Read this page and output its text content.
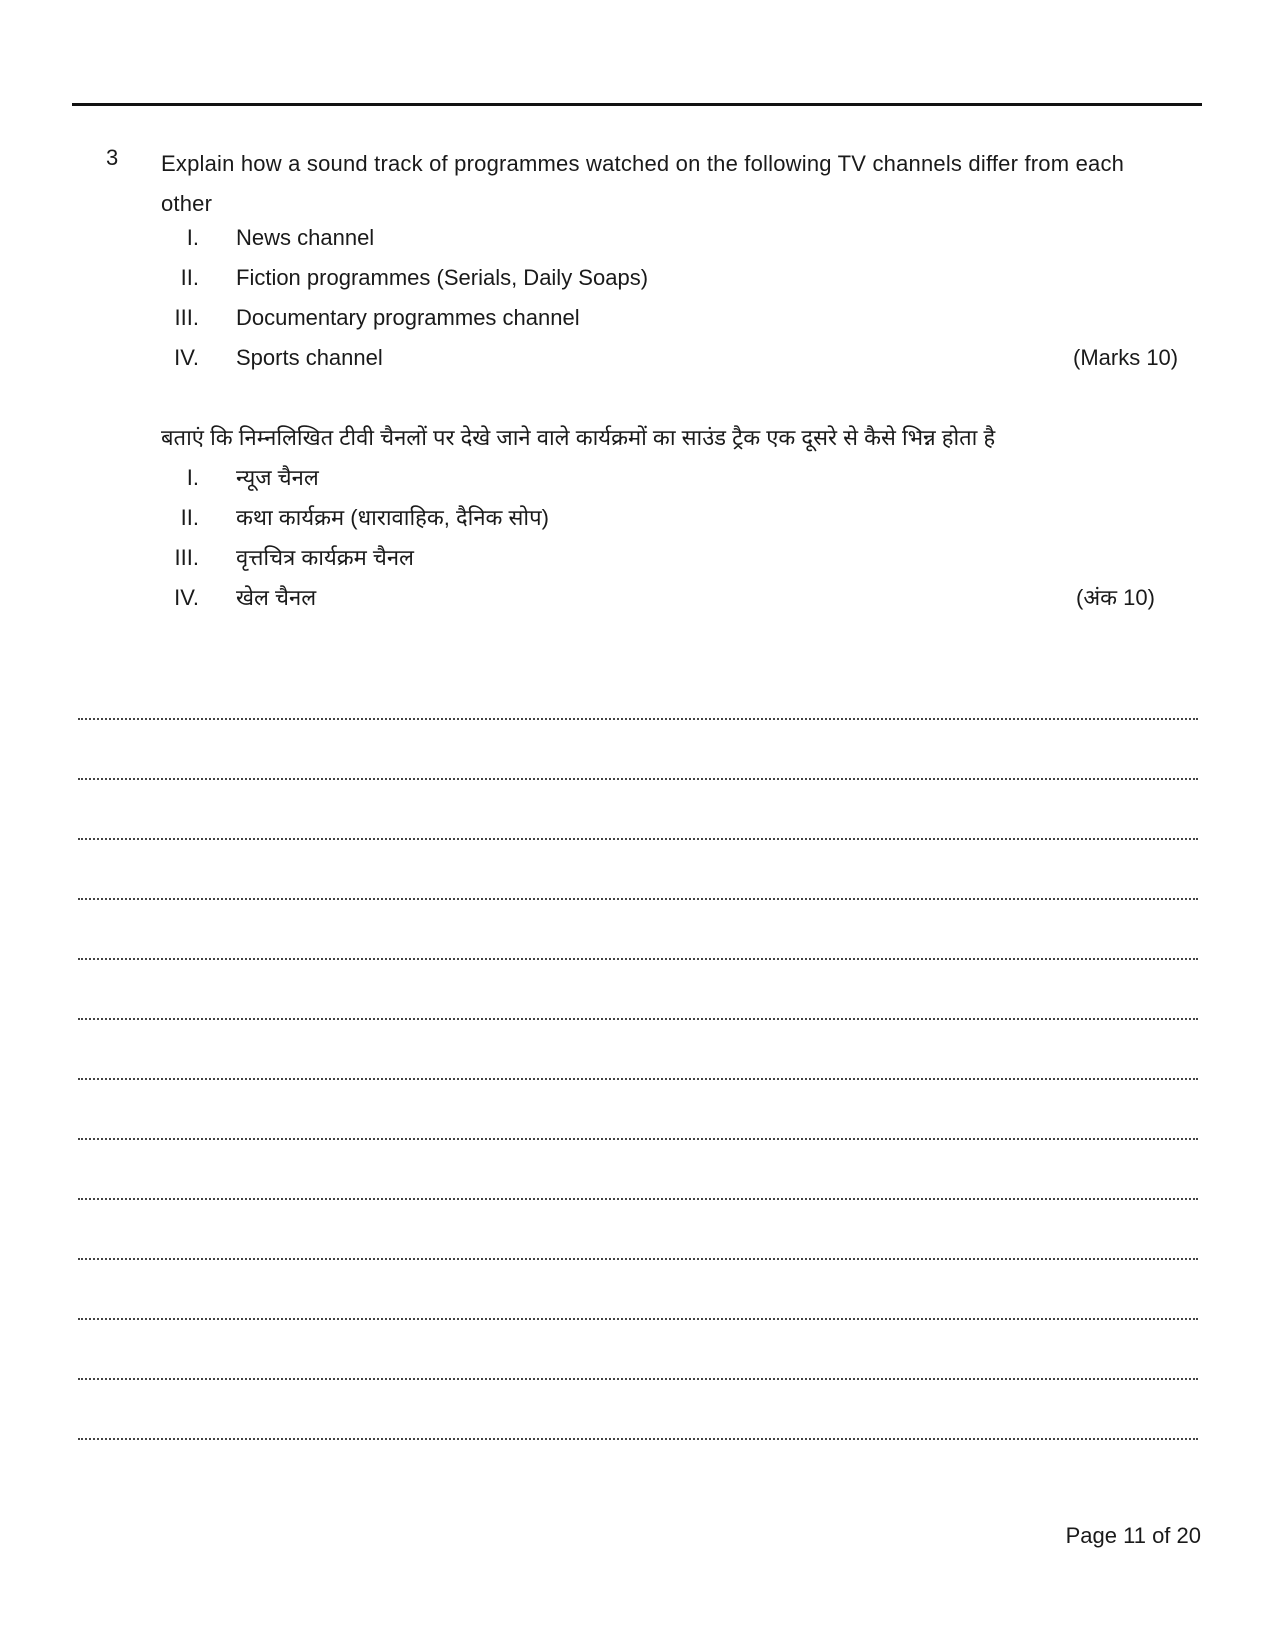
3 Explain how a sound track of programmes watched on the following TV channels differ from each other
I. News channel
II. Fiction programmes (Serials, Daily Soaps)
III. Documentary programmes channel
IV. Sports channel	(Marks 10)
बताएं कि निम्नलिखित टीवी चैनलों पर देखे जाने वाले कार्यक्रमों का साउंड ट्रैक एक दूसरे से कैसे भिन्न होता है
I. न्यूज चैनल
II. कथा कार्यक्रम (धारावाहिक, दैनिक सोप)
III. वृत्तचित्र कार्यक्रम चैनल
IV. खेल चैनल	(अंक 10)
Page 11 of 20
